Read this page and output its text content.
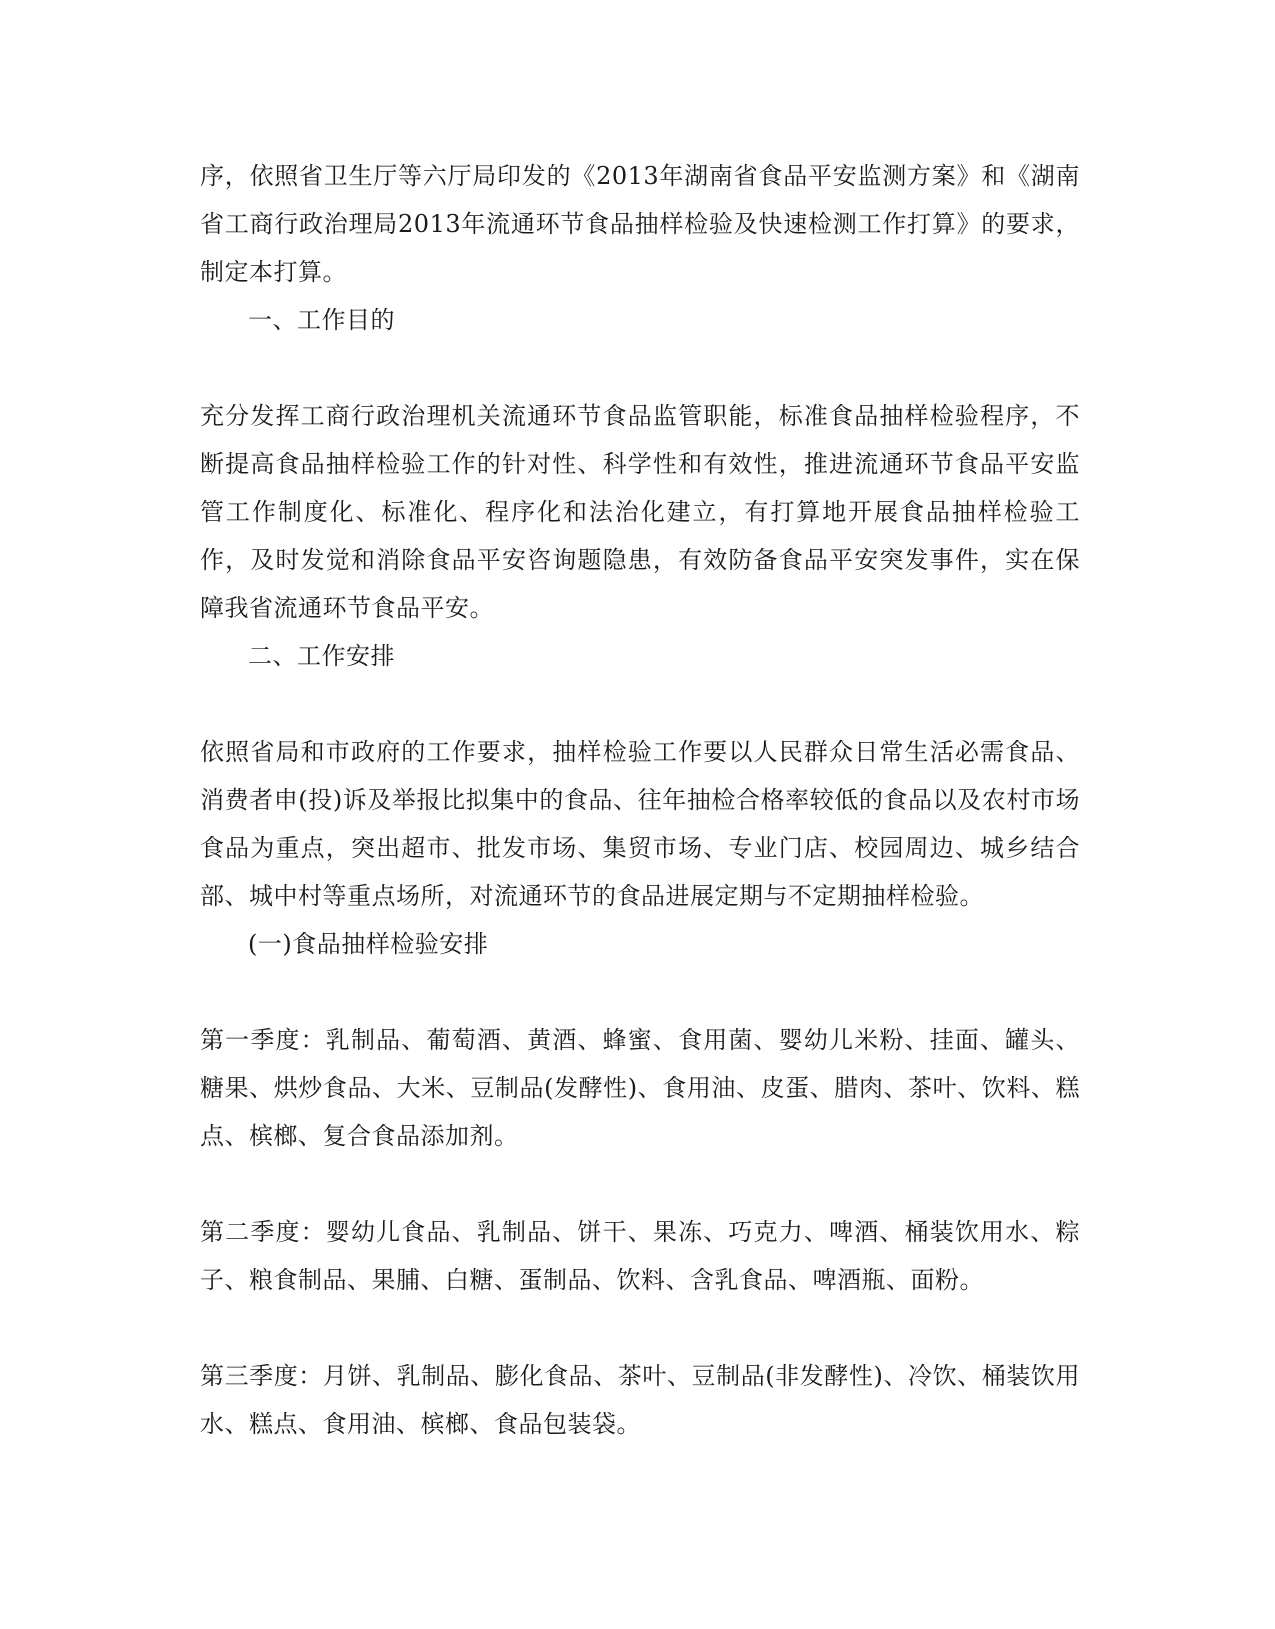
序，依照省卫生厅等六厅局印发的《2013年湖南省食品平安监测方案》和《湖南省工商行政治理局2013年流通环节食品抽样检验及快速检测工作打算》的要求，制定本打算。

一、工作目的

充分发挥工商行政治理机关流通环节食品监管职能，标准食品抽样检验程序，不断提高食品抽样检验工作的针对性、科学性和有效性，推进流通环节食品平安监管工作制度化、标准化、程序化和法治化建立，有打算地开展食品抽样检验工作，及时发觉和消除食品平安咨询题隐患，有效防备食品平安突发事件，实在保障我省流通环节食品平安。

二、工作安排

依照省局和市政府的工作要求，抽样检验工作要以人民群众日常生活必需食品、消费者申(投)诉及举报比拟集中的食品、往年抽检合格率较低的食品以及农村市场食品为重点，突出超市、批发市场、集贸市场、专业门店、校园周边、城乡结合部、城中村等重点场所，对流通环节的食品进展定期与不定期抽样检验。

(一)食品抽样检验安排

第一季度：乳制品、葡萄酒、黄酒、蜂蜜、食用菌、婴幼儿米粉、挂面、罐头、糖果、烘炒食品、大米、豆制品(发酵性)、食用油、皮蛋、腊肉、茶叶、饮料、糕点、槟榔、复合食品添加剂。

第二季度：婴幼儿食品、乳制品、饼干、果冻、巧克力、啤酒、桶装饮用水、粽子、粮食制品、果脯、白糖、蛋制品、饮料、含乳食品、啤酒瓶、面粉。

第三季度：月饼、乳制品、膨化食品、茶叶、豆制品(非发酵性)、冷饮、桶装饮用水、糕点、食用油、槟榔、食品包装袋。
